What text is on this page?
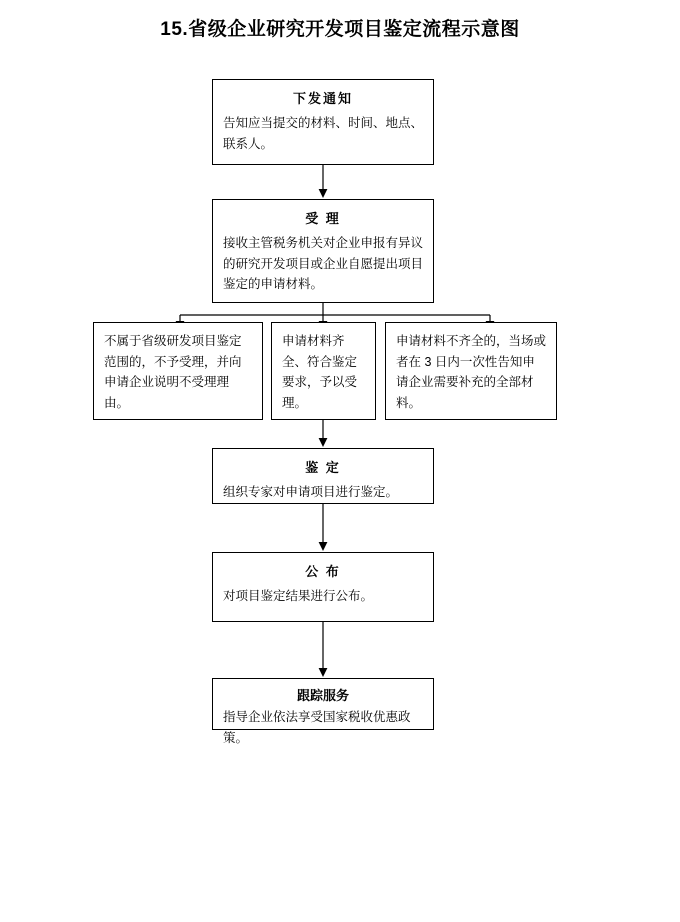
15.省级企业研究开发项目鉴定流程示意图
下发通知
告知应当提交的材料、时间、地点、联系人。
受 理
接收主管税务机关对企业申报有异议的研究开发项目或企业自愿提出项目鉴定的申请材料。
不属于省级研发项目鉴定范围的，不予受理，并向申请企业说明不受理理由。
申请材料齐全、符合鉴定要求，予以受理。
申请材料不齐全的，当场或者在 3 日内一次性告知申请企业需要补充的全部材料。
鉴 定
组织专家对申请项目进行鉴定。
公 布
对项目鉴定结果进行公布。
跟踪服务
指导企业依法享受国家税收优惠政策。
